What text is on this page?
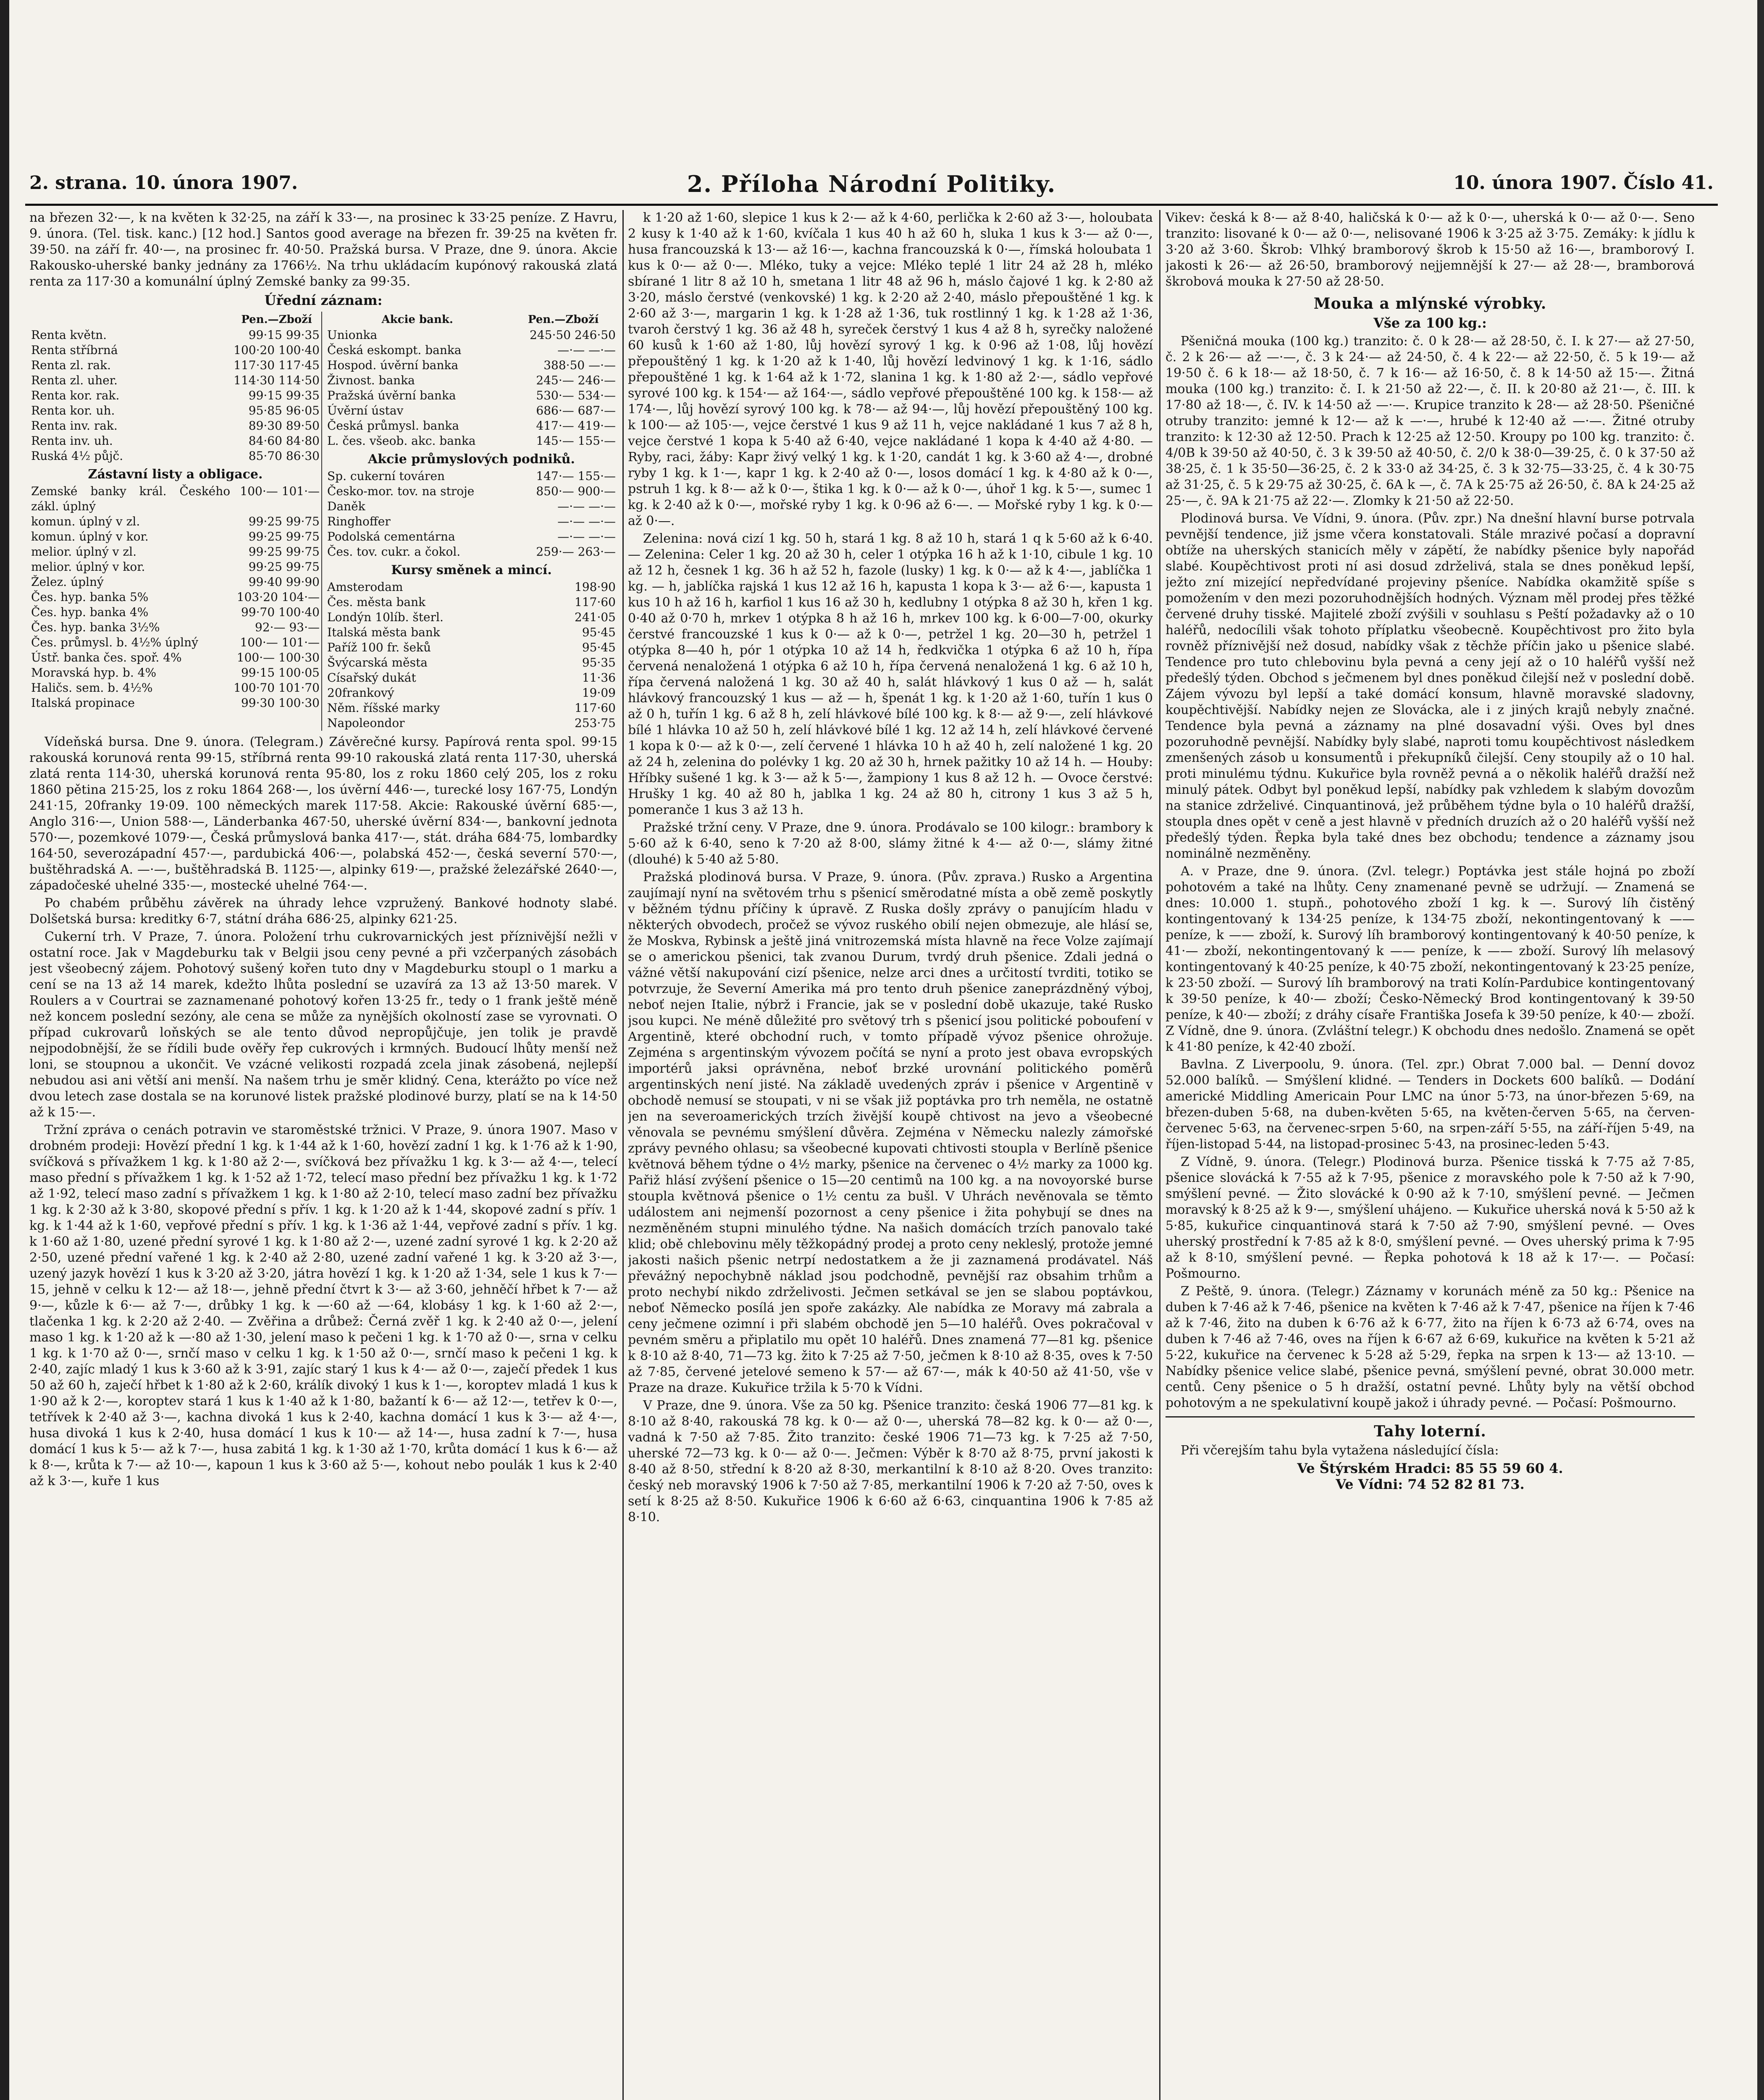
2. strana. 10. února 1907.	2. Příloha Národní Politiky.	10. února 1907. Číslo 41.

na březen 32·—, k na květen k 32·25, na září k 33·—, na prosinec k 33·25 peníze. Z Havru, 9. února. (Tel. tisk. kanc.) [12 hod.] Santos good average na březen fr. 39·25 na květen fr. 39·50. na září fr. 40·—, na prosinec fr. 40·50. Pražská bursa. V Praze, dne 9. února. Akcie Rakousko-uherské banky jednány za 1766½. Na trhu ukládacím kupónový rakouská zlatá renta za 117·30 a komunální úplný Zemské banky za 99·35.

Úřední záznam:
	Pen.—Zboží
Renta květn.	99·15 99·35
Renta stříbrná	100·20 100·40
Renta zl. rak.	117·30 117·45
Renta zl. uher.	114·30 114·50
Renta kor. rak.	99·15 99·35
Renta kor. uh.	95·85 96·05
Renta inv. rak.	89·30 89·50
Renta inv. uh.	84·60 84·80
Ruská 4½ půjč.	85·70 86·30
Zástavní listy a obligace.	
Zemské banky král. Českého zákl. úplný	100·— 101·—
komun. úplný v zl.	99·25 99·75
komun. úplný v kor.	99·25 99·75
melior. úplný v zl.	99·25 99·75
melior. úplný v kor.	99·25 99·75
Želez. úplný	99·40 99·90
Čes. hyp. banka 5%	103·20 104·—
Čes. hyp. banka 4%	99·70 100·40
Čes. hyp. banka 3½%	92·— 93·—
Čes. průmysl. b. 4½% úplný	100·— 101·—
Ústř. banka čes. spoř. 4%	100·— 100·30
Moravská hyp. b. 4%	99·15 100·05
Haličs. sem. b. 4½%	100·70 101·70
Italská propinace	99·30 100·30
Akcie bank.	Pen.—Zboží
Unionka	245·50 246·50
Česká eskompt. banka	—·— —·—
Hospod. úvěrní banka	388·50 —·—
Živnost. banka	245·— 246·—
Pražská úvěrní banka	530·— 534·—
Úvěrní ústav	686·— 687·—
Česká průmysl. banka	417·— 419·—
L. čes. všeob. akc. banka	145·— 155·—
Akcie průmyslových podniků.	
Sp. cukerní továren	147·— 155·—
Česko-mor. tov. na stroje	850·— 900·—
Daněk	—·— —·—
Ringhoffer	—·— —·—
Podolská cementárna	—·— —·—
Čes. tov. cukr. a čokol.	259·— 263·—
Kursy směnek a mincí.	
Amsterodam	198·90
Čes. města bank	117·60
Londýn 10líb. šterl.	241·05
Italská města bank	95·45
Paříž 100 fr. šeků	95·45
Švýcarská města	95·35
Císařský dukát	11·36
20frankový	19·09
Něm. říšské marky	117·60
Napoleondor	253·75

Vídeňská bursa. Dne 9. února. (Telegram.) Závěrečné kursy. Papírová renta spol. 99·15 rakouská korunová renta 99·15, stříbrná renta 99·10 rakouská zlatá renta 117·30, uherská zlatá renta 114·30, uherská korunová renta 95·80, los z roku 1860 celý 205, los z roku 1860 pětina 215·25, los z roku 1864 268·—, los úvěrní 446·—, turecké losy 167·75, Londýn 241·15, 20franky 19·09. 100 německých marek 117·58. Akcie: Rakouské úvěrní 685·—, Anglo 316·—, Union 588·—, Länderbanka 467·50, uherské úvěrní 834·—, bankovní jednota 570·—, pozemkové 1079·—, Česká průmyslová banka 417·—, stát. dráha 684·75, lombardky 164·50, severozápadní 457·—, pardubická 406·—, polabská 452·—, česká severní 570·—, buštěhradská A. —·—, buštěhradská B. 1125·—, alpinky 619·—, pražské železářské 2640·—, západočeské uhelné 335·—, mostecké uhelné 764·—.

Po chabém průběhu závěrek na úhrady lehce vzpružený. Bankové hodnoty slabé. Dolšetská bursa: kreditky 6·7, státní dráha 686·25, alpinky 621·25.

Cukerní trh. V Praze, 7. února. Položení trhu cukrovarnických jest příznivější nežli v ostatní roce. Jak v Magdeburku tak v Belgii jsou ceny pevné a při vzčerpaných zásobách jest všeobecný zájem. Pohotový sušený kořen tuto dny v Magdeburku stoupl o 1 marku a cení se na 13 až 14 marek, kdežto lhůta poslední se uzavírá za 13 až 13·50 marek. V Roulers a v Courtrai se zaznamenané pohotový kořen 13·25 fr., tedy o 1 frank ještě méně než koncem poslední sezóny, ale cena se může za nynějších okolností zase se vyrovnati. O případ cukrovarů loňských se ale tento důvod nepropůjčuje, jen tolik je pravdě nejpodobnější, že se řídili bude ověřy řep cukrových i krmných. Budoucí lhůty menší než loni, se stoupnou a ukončit. Ve vzácné velikosti rozpadá zcela jinak zásobená, nejlepší nebudou asi ani větší ani menší. Na našem trhu je směr klidný. Cena, kterážto po více než dvou letech zase dostala se na korunové listek pražské plodinové burzy, platí se na k 14·50 až k 15·—.

Tržní zpráva o cenách potravin ve staroměstské tržnici. V Praze, 9. února 1907. Maso v drobném prodeji: Hovězí přední 1 kg. k 1·44 až k 1·60, hovězí zadní 1 kg. k 1·76 až k 1·90, svíčková s přívažkem 1 kg. k 1·80 až 2·—, svíčková bez přívažku 1 kg. k 3·— až 4·—, telecí maso přední s přívažkem 1 kg. k 1·52 až 1·72, telecí maso přední bez přívažku 1 kg. k 1·72 až 1·92, telecí maso zadní s přívažkem 1 kg. k 1·80 až 2·10, telecí maso zadní bez přívažku 1 kg. k 2·30 až k 3·80, skopové přední s přív. 1 kg. k 1·20 až k 1·44, skopové zadní s přív. 1 kg. k 1·44 až k 1·60, vepřové přední s přív. 1 kg. k 1·36 až 1·44, vepřové zadní s přív. 1 kg. k 1·60 až 1·80, uzené přední syrové 1 kg. k 1·80 až 2·—, uzené zadní syrové 1 kg. k 2·20 až 2·50, uzené přední vařené 1 kg. k 2·40 až 2·80, uzené zadní vařené 1 kg. k 3·20 až 3·—, uzený jazyk hovězí 1 kus k 3·20 až 3·20, játra hovězí 1 kg. k 1·20 až 1·34, sele 1 kus k 7·—15, jehně v celku k 12·— až 18·—, jehně přední čtvrt k 3·— až 3·60, jehněčí hřbet k 7·— až 9·—, kůzle k 6·— až 7·—, drůbky 1 kg. k —·60 až —·64, klobásy 1 kg. k 1·60 až 2·—, tlačenka 1 kg. k 2·20 až 2·40. — Zvěřina a drůbež: Černá zvěř 1 kg. k 2·40 až 0·—, jelení maso 1 kg. k 1·20 až k —·80 až 1·30, jelení maso k pečeni 1 kg. k 1·70 až 0·—, srna v celku 1 kg. k 1·70 až 0·—, srnčí maso v celku 1 kg. k 1·50 až 0·—, srnčí maso k pečeni 1 kg. k 2·40, zajíc mladý 1 kus k 3·60 až k 3·91, zajíc starý 1 kus k 4·— až 0·—, zaječí předek 1 kus 50 až 60 h, zaječí hřbet k 1·80 až k 2·60, králík divoký 1 kus k 1·—, koroptev mladá 1 kus k 1·90 až k 2·—, koroptev stará 1 kus k 1·40 až k 1·80, bažantí k 6·— až 12·—, tetřev k 0·—, tetřívek k 2·40 až 3·—, kachna divoká 1 kus k 2·40, kachna domácí 1 kus k 3·— až 4·—, husa divoká 1 kus k 2·40, husa domácí 1 kus k 10·— až 14·—, husa zadní k 7·—, husa domácí 1 kus k 5·— až k 7·—, husa zabitá 1 kg. k 1·30 až 1·70, krůta domácí 1 kus k 6·— až k 8·—, krůta k 7·— až 10·—, kapoun 1 kus k 3·60 až 5·—, kohout nebo poulák 1 kus k 2·40 až k 3·—, kuře 1 kus

k 1·20 až 1·60, slepice 1 kus k 2·— až k 4·60, perlička k 2·60 až 3·—, holoubata 2 kusy k 1·40 až k 1·60, kvíčala 1 kus 40 h až 60 h, sluka 1 kus k 3·— až 0·—, husa francouzská k 13·— až 16·—, kachna francouzská k 0·—, římská holoubata 1 kus k 0·— až 0·—. Mléko, tuky a vejce: Mléko teplé 1 litr 24 až 28 h, mléko sbírané 1 litr 8 až 10 h, smetana 1 litr 48 až 96 h, máslo čajové 1 kg. k 2·80 až 3·20, máslo čerstvé (venkovské) 1 kg. k 2·20 až 2·40, máslo přepouštěné 1 kg. k 2·60 až 3·—, margarin 1 kg. k 1·28 až 1·36, tuk rostlinný 1 kg. k 1·28 až 1·36, tvaroh čerstvý 1 kg. 36 až 48 h, syreček čerstvý 1 kus 4 až 8 h, syrečky naložené 60 kusů k 1·60 až 1·80, lůj hovězí syrový 1 kg. k 0·96 až 1·08, lůj hovězí přepouštěný 1 kg. k 1·20 až k 1·40, lůj hovězí ledvinový 1 kg. k 1·16, sádlo přepouštěné 1 kg. k 1·64 až k 1·72, slanina 1 kg. k 1·80 až 2·—, sádlo vepřové syrové 100 kg. k 154·— až 164·—, sádlo vepřové přepouštěné 100 kg. k 158·— až 174·—, lůj hovězí syrový 100 kg. k 78·— až 94·—, lůj hovězí přepouštěný 100 kg. k 100·— až 105·—, vejce čerstvé 1 kus 9 až 11 h, vejce nakládané 1 kus 7 až 8 h, vejce čerstvé 1 kopa k 5·40 až 6·40, vejce nakládané 1 kopa k 4·40 až 4·80. — Ryby, raci, žáby: Kapr živý velký 1 kg. k 1·20, candát 1 kg. k 3·60 až 4·—, drobné ryby 1 kg. k 1·—, kapr 1 kg. k 2·40 až 0·—, losos domácí 1 kg. k 4·80 až k 0·—, pstruh 1 kg. k 8·— až k 0·—, štika 1 kg. k 0·— až k 0·—, úhoř 1 kg. k 5·—, sumec 1 kg. k 2·40 až k 0·—, mořské ryby 1 kg. k 0·96 až 6·—. — Mořské ryby 1 kg. k 0·— až 0·—.

Zelenina: nová cizí 1 kg. 50 h, stará 1 kg. 8 až 10 h, stará 1 q k 5·60 až k 6·40. — Zelenina: Celer 1 kg. 20 až 30 h, celer 1 otýpka 16 h až k 1·10, cibule 1 kg. 10 až 12 h, česnek 1 kg. 36 h až 52 h, fazole (lusky) 1 kg. k 0·— až k 4·—, jablíčka 1 kg. — h, jablíčka rajská 1 kus 12 až 16 h, kapusta 1 kopa k 3·— až 6·—, kapusta 1 kus 10 h až 16 h, karfiol 1 kus 16 až 30 h, kedlubny 1 otýpka 8 až 30 h, křen 1 kg. 0·40 až 0·70 h, mrkev 1 otýpka 8 h až 16 h, mrkev 100 kg. k 6·00—7·00, okurky čerstvé francouzské 1 kus k 0·— až k 0·—, petržel 1 kg. 20—30 h, petržel 1 otýpka 8—40 h, pór 1 otýpka 10 až 14 h, ředkvička 1 otýpka 6 až 10 h, řípa červená nenaložená 1 otýpka 6 až 10 h, řípa červená nenaložená 1 kg. 6 až 10 h, řípa červená naložená 1 kg. 30 až 40 h, salát hlávkový 1 kus 0 až — h, salát hlávkový francouzský 1 kus — až — h, špenát 1 kg. k 1·20 až 1·60, tuřín 1 kus 0 až 0 h, tuřín 1 kg. 6 až 8 h, zelí hlávkové bílé 100 kg. k 8·— až 9·—, zelí hlávkové bílé 1 hlávka 10 až 50 h, zelí hlávkové bílé 1 kg. 12 až 14 h, zelí hlávkové červené 1 kopa k 0·— až k 0·—, zelí červené 1 hlávka 10 h až 40 h, zelí naložené 1 kg. 20 až 24 h, zelenina do polévky 1 kg. 20 až 30 h, hrnek pažitky 10 až 14 h. — Houby: Hříbky sušené 1 kg. k 3·— až k 5·—, žampiony 1 kus 8 až 12 h. — Ovoce čerstvé: Hrušky 1 kg. 40 až 80 h, jablka 1 kg. 24 až 80 h, citrony 1 kus 3 až 5 h, pomeranče 1 kus 3 až 13 h.

Pražské tržní ceny. V Praze, dne 9. února. Prodávalo se 100 kilogr.: brambory k 5·60 až k 6·40, seno k 7·20 až 8·00, slámy žitné k 4·— až 0·—, slámy žitné (dlouhé) k 5·40 až 5·80.

Pražská plodinová bursa. V Praze, 9. února. (Pův. zprava.) Rusko a Argentina zaujímají nyní na světovém trhu s pšenicí směrodatné místa a obě země poskytly v běžném týdnu příčiny k úpravě. Z Ruska došly zprávy o panujícím hladu v některých obvodech, pročež se vývoz ruského obilí nejen obmezuje, ale hlásí se, že Moskva, Rybinsk a ještě jiná vnitrozemská místa hlavně na řece Volze zajímají se o americkou pšenici, tak zvanou Durum, tvrdý druh pšenice. Zdali jedná o vážné větší nakupování cizí pšenice, nelze arci dnes a určitostí tvrditi, totiko se potvrzuje, že Severní Amerika má pro tento druh pšenice zaneprázdněný výboj, neboť nejen Italie, nýbrž i Francie, jak se v poslední době ukazuje, také Rusko jsou kupci. Ne méně důležité pro světový trh s pšenicí jsou politické poboufení v Argentině, které obchodní ruch, v tomto případě vývoz pšenice ohrožuje. Zejména s argentinským vývozem počítá se nyní a proto jest obava evropských importérů jaksi oprávněna, neboť brzké urovnání politického poměrů argentinských není jisté. Na základě uvedených zpráv i pšenice v Argentině v obchodě nemusí se stoupati, v ni se však již poptávka pro trh neměla, ne ostatně jen na severoamerických trzích živější koupě chtivost na jevo a všeobecné věnovala se pevnému smýšlení důvěra. Zejména v Německu nalezly zámořské zprávy pevného ohlasu; sa všeobecné kupovati chtivosti stoupla v Berlíně pšenice květnová během týdne o 4½ marky, pšenice na červenec o 4½ marky za 1000 kg. Pařiž hlásí zvýšení pšenice o 15—20 centimů na 100 kg. a na novoyorské burse stoupla květnová pšenice o 1½ centu za bušl. V Uhrách nevěnovala se těmto událostem ani nejmenší pozornost a ceny pšenice i žita pohybují se dnes na nezměněném stupni minulého týdne. Na našich domácích trzích panovalo také klid; obě chlebovinu měly těžkopádný prodej a proto ceny nekleslý, protože jemné jakosti našich pšenic netrpí nedostatkem a že ji zaznamená prodávatel. Náš převážný nepochybně náklad jsou podchodně, pevnější raz obsahim trhům a proto nechybí nikdo zdrželivosti. Ječmen setkával se jen se slabou poptávkou, neboť Německo posílá jen spoře zakázky. Ale nabídka ze Moravy má zabrala a ceny ječmene ozimní i při slabém obchodě jen 5—10 haléřů. Oves pokračoval v pevném směru a připlatilo mu opět 10 haléřů. Dnes znamená 77—81 kg. pšenice k 8·10 až 8·40, 71—73 kg. žito k 7·25 až 7·50, ječmen k 8·10 až 8·35, oves k 7·50 až 7·85, červené jetelové semeno k 57·— až 67·—, mák k 40·50 až 41·50, vše v Praze na draze. Kukuřice tržila k 5·70 k Vídni.

V Praze, dne 9. února. Vše za 50 kg. Pšenice tranzito: česká 1906 77—81 kg. k 8·10 až 8·40, rakouská 78 kg. k 0·— až 0·—, uherská 78—82 kg. k 0·— až 0·—, vadná k 7·50 až 7·85. Žito tranzito: české 1906 71—73 kg. k 7·25 až 7·50, uherské 72—73 kg. k 0·— až 0·—. Ječmen: Výběr k 8·70 až 8·75, první jakosti k 8·40 až 8·50, střední k 8·20 až 8·30, merkantilní k 8·10 až 8·20. Oves tranzito: český neb moravský 1906 k 7·50 až 7·85, merkantilní 1906 k 7·20 až 7·50, oves k setí k 8·25 až 8·50. Kukuřice 1906 k 6·60 až 6·63, cinquantina 1906 k 7·85 až 8·10.

Vikev: česká k 8·— až 8·40, haličská k 0·— až k 0·—, uherská k 0·— až 0·—. Seno tranzito: lisované k 0·— až 0·—, nelisované 1906 k 3·25 až 3·75. Zemáky: k jídlu k 3·20 až 3·60. Škrob: Vlhký bramborový škrob k 15·50 až 16·—, bramborový I. jakosti k 26·— až 26·50, bramborový nejjemnější k 27·— až 28·—, bramborová škrobová mouka k 27·50 až 28·50.

Mouka a mlýnské výrobky.
Vše za 100 kg.:

Pšeničná mouka (100 kg.) tranzito: č. 0 k 28·— až 28·50, č. I. k 27·— až 27·50, č. 2 k 26·— až —·—, č. 3 k 24·— až 24·50, č. 4 k 22·— až 22·50, č. 5 k 19·— až 19·50 č. 6 k 18·— až 18·50, č. 7 k 16·— až 16·50, č. 8 k 14·50 až 15·—. Žitná mouka (100 kg.) tranzito: č. I. k 21·50 až 22·—, č. II. k 20·80 až 21·—, č. III. k 17·80 až 18·—, č. IV. k 14·50 až —·—. Krupice tranzito k 28·— až 28·50. Pšeničné otruby tranzito: jemné k 12·— až k —·—, hrubé k 12·40 až —·—. Žitné otruby tranzito: k 12·30 až 12·50. Prach k 12·25 až 12·50. Kroupy po 100 kg. tranzito: č. 4/0B k 39·50 až 40·50, č. 3 k 39·50 až 40·50, č. 2/0 k 38·0—39·25, č. 0 k 37·50 až 38·25, č. 1 k 35·50—36·25, č. 2 k 33·0 až 34·25, č. 3 k 32·75—33·25, č. 4 k 30·75 až 31·25, č. 5 k 29·75 až 30·25, č. 6A k —, č. 7A k 25·75 až 26·50, č. 8A k 24·25 až 25·—, č. 9A k 21·75 až 22·—. Zlomky k 21·50 až 22·50.

Plodinová bursa. Ve Vídni, 9. února. (Pův. zpr.) Na dnešní hlavní burse potrvala pevnější tendence, již jsme včera konstatovali. Stále mrazivé počasí a dopravní obtíže na uherských stanicích měly v zápětí, že nabídky pšenice byly napořád slabé. Koupěchtivost proti ní asi dosud zdrželivá, stala se dnes poněkud lepší, ježto zní mizející nepředvídané projeviny pšeníce. Nabídka okamžitě spíše s pomožením v den mezi pozoruhodnějších hodných. Význam měl prodej přes těžké červené druhy tisské. Majitelé zboží zvýšili v souhlasu s Peští požadavky až o 10 haléřů, nedocílili však tohoto příplatku všeobecně. Koupěchtivost pro žito byla rovněž příznivější než dosud, nabídky však z těchže příčin jako u pšenice slabé. Tendence pro tuto chlebovinu byla pevná a ceny její až o 10 haléřů vyšší než předešlý týden. Obchod s ječmenem byl dnes poněkud čilejší než v poslední době. Zájem vývozu byl lepší a také domácí konsum, hlavně moravské sladovny, koupěchtivější. Nabídky nejen ze Slovácka, ale i z jiných krajů nebyly značné. Tendence byla pevná a záznamy na plné dosavadní výši. Oves byl dnes pozoruhodně pevnější. Nabídky byly slabé, naproti tomu koupěchtivost následkem zmenšených zásob u konsumentů i překupníků čilejší. Ceny stoupily až o 10 hal. proti minulému týdnu. Kukuřice byla rovněž pevná a o několik haléřů dražší než minulý pátek. Odbyt byl poněkud lepší, nabídky pak vzhledem k slabým dovozům na stanice zdrželivé. Cinquantinová, jež průběhem týdne byla o 10 haléřů dražší, stoupla dnes opět v ceně a jest hlavně v předních druzích až o 20 haléřů vyšší než předešlý týden. Řepka byla také dnes bez obchodu; tendence a záznamy jsou nominálně nezměněny.

A. v Praze, dne 9. února. (Zvl. telegr.) Poptávka jest stále hojná po zboží pohotovém a také na lhůty. Ceny znamenané pevně se udržují. — Znamená se dnes: 10.000 1. stupň., pohotového zboží 1 kg. k —. Surový líh čistěný kontingentovaný k 134·25 peníze, k 134·75 zboží, nekontingentovaný k —— peníze, k —— zboží, k. Surový líh bramborový kontingentovaný k 40·50 peníze, k 41·— zboží, nekontingentovaný k —— peníze, k —— zboží. Surový líh melasový kontingentovaný k 40·25 peníze, k 40·75 zboží, nekontingentovaný k 23·25 peníze, k 23·50 zboží. — Surový líh bramborový na trati Kolín-Pardubice kontingentovaný k 39·50 peníze, k 40·— zboží; Česko-Německý Brod kontingentovaný k 39·50 peníze, k 40·— zboží; z dráhy císaře Františka Josefa k 39·50 peníze, k 40·— zboží. Z Vídně, dne 9. února. (Zvláštní telegr.) K obchodu dnes nedošlo. Znamená se opět k 41·80 peníze, k 42·40 zboží.

Bavlna. Z Liverpoolu, 9. února. (Tel. zpr.) Obrat 7.000 bal. — Denní dovoz 52.000 balíků. — Smýšlení klidné. — Tenders in Dockets 600 balíků. — Dodání americké Middling Americain Pour LMC na únor 5·73, na únor-březen 5·69, na březen-duben 5·68, na duben-květen 5·65, na květen-červen 5·65, na červen-červenec 5·63, na červenec-srpen 5·60, na srpen-září 5·55, na září-říjen 5·49, na říjen-listopad 5·44, na listopad-prosinec 5·43, na prosinec-leden 5·43.

Z Vídně, 9. února. (Telegr.) Plodinová burza. Pšenice tisská k 7·75 až 7·85, pšenice slovácká k 7·55 až k 7·95, pšenice z moravského pole k 7·50 až k 7·90, smýšlení pevné. — Žito slovácké k 0·90 až k 7·10, smýšlení pevné. — Ječmen moravský k 8·25 až k 9·—, smýšlení uhájeno. — Kukuřice uherská nová k 5·50 až k 5·85, kukuřice cinquantinová stará k 7·50 až 7·90, smýšlení pevné. — Oves uherský prostřední k 7·85 až k 8·0, smýšlení pevné. — Oves uherský prima k 7·95 až k 8·10, smýšlení pevné. — Řepka pohotová k 18 až k 17·—. — Počasí: Pošmourno.

Z Peště, 9. února. (Telegr.) Záznamy v korunách méně za 50 kg.: Pšenice na duben k 7·46 až k 7·46, pšenice na květen k 7·46 až k 7·47, pšenice na říjen k 7·46 až k 7·46, žito na duben k 6·76 až k 6·77, žito na říjen k 6·73 až 6·74, oves na duben k 7·46 až 7·46, oves na říjen k 6·67 až 6·69, kukuřice na květen k 5·21 až 5·22, kukuřice na červenec k 5·28 až 5·29, řepka na srpen k 13·— až 13·10. — Nabídky pšenice velice slabé, pšenice pevná, smýšlení pevné, obrat 30.000 metr. centů. Ceny pšenice o 5 h dražší, ostatní pevné. Lhůty byly na větší obchod pohotovým a ne spekulativní koupě jakož i úhrady pevné. — Počasí: Pošmourno.

Tahy loterní.

Při včerejším tahu byla vytažena následující čísla:

Ve Štýrském Hradci: 85 55 59 60 4.
Ve Vídni: 74 52 82 81 73.
